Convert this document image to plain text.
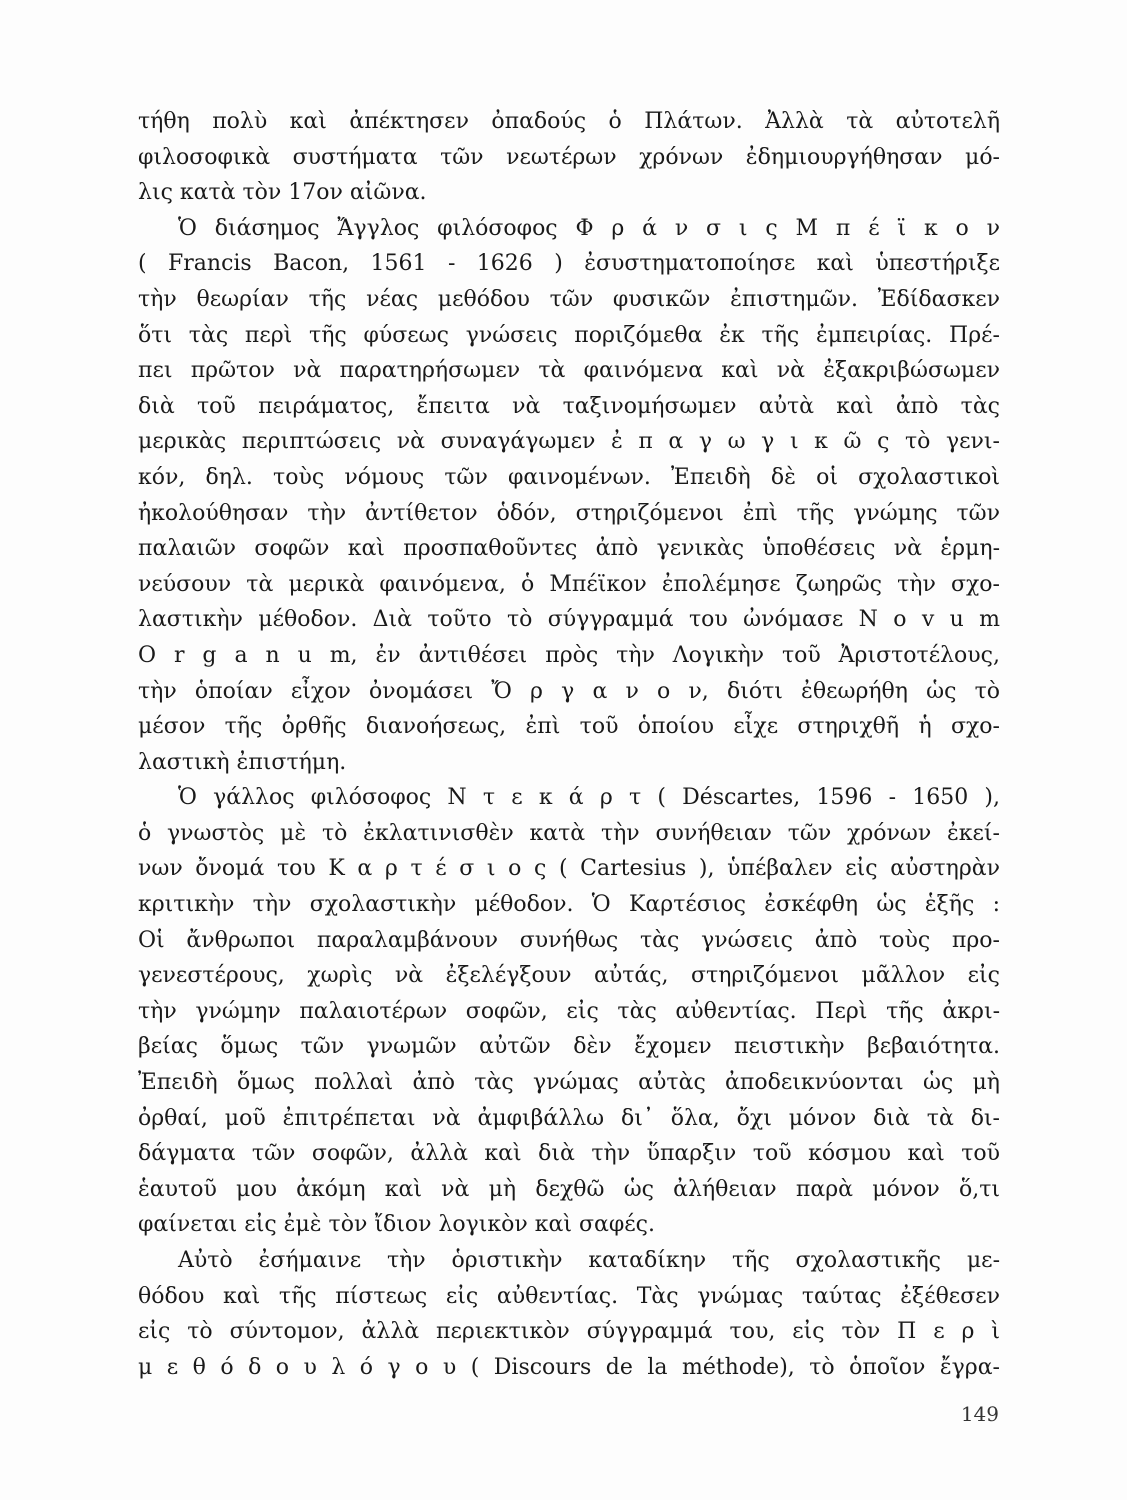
τήθη πολὺ καὶ ἀπέκτησεν ὀπαδούς ὁ Πλάτων. Ἀλλὰ τὰ αὐτοτελῆ
φιλοσοφικὰ συστήματα τῶν νεωτέρων χρόνων ἐδημιουργήθησαν μό-
λις κατὰ τὸν 17ον αἰῶνα.
Ὁ διάσημος Ἄγγλος φιλόσοφος Φ ρ ά ν σ ι ς Μ π έ ϊ κ ο ν
( Francis Bacon, 1561 - 1626 ) ἐσυστηματοποίησε καὶ ὑπεστήριξε
τὴν θεωρίαν τῆς νέας μεθόδου τῶν φυσικῶν ἐπιστημῶν. Ἐδίδασκεν
ὅτι τὰς περὶ τῆς φύσεως γνώσεις ποριζόμεθα ἐκ τῆς ἐμπειρίας. Πρέ-
πει πρῶτον νὰ παρατηρήσωμεν τὰ φαινόμενα καὶ νὰ ἐξακριβώσωμεν
διὰ τοῦ πειράματος, ἔπειτα νὰ ταξινομήσωμεν αὐτὰ καὶ ἀπὸ τὰς
μερικὰς περιπτώσεις νὰ συναγάγωμεν ἐ π α γ ω γ ι κ ῶ ς τὸ γενι-
κόν, δηλ. τοὺς νόμους τῶν φαινομένων. Ἐπειδὴ δὲ οἱ σχολαστικοὶ
ἠκολούθησαν τὴν ἀντίθετον ὁδόν, στηριζόμενοι ἐπὶ τῆς γνώμης τῶν
παλαιῶν σοφῶν καὶ προσπαθοῦντες ἀπὸ γενικὰς ὑποθέσεις νὰ ἑρμη-
νεύσουν τὰ μερικὰ φαινόμενα, ὁ Μπέϊκον ἐπολέμησε ζωηρῶς τὴν σχο-
λαστικὴν μέθοδον. Διὰ τοῦτο τὸ σύγγραμμά του ὠνόμασε N o v u m
O r g a n u m, ἐν ἀντιθέσει πρὸς τὴν Λογικὴν τοῦ Ἀριστοτέλους,
τὴν ὁποίαν εἶχον ὀνομάσει Ὄ ρ γ α ν ο ν, διότι ἐθεωρήθη ὡς τὸ
μέσον τῆς ὀρθῆς διανοήσεως, ἐπὶ τοῦ ὁποίου εἶχε στηριχθῆ ἡ σχο-
λαστικὴ ἐπιστήμη.
Ὁ γάλλος φιλόσοφος Ν τ ε κ ά ρ τ ( Déscartes, 1596 - 1650 ),
ὁ γνωστὸς μὲ τὸ ἐκλατινισθὲν κατὰ τὴν συνήθειαν τῶν χρόνων ἐκεί-
νων ὄνομά του Κ α ρ τ έ σ ι ο ς ( Cartesius ), ὑπέβαλεν εἰς αὐστηρὰν
κριτικὴν τὴν σχολαστικὴν μέθοδον. Ὁ Καρτέσιος ἐσκέφθη ὡς ἑξῆς :
Οἱ ἄνθρωποι παραλαμβάνουν συνήθως τὰς γνώσεις ἀπὸ τοὺς προ-
γενεστέρους, χωρὶς νὰ ἐξελέγξουν αὐτάς, στηριζόμενοι μᾶλλον εἰς
τὴν γνώμην παλαιοτέρων σοφῶν, εἰς τὰς αὐθεντίας. Περὶ τῆς ἀκρι-
βείας ὅμως τῶν γνωμῶν αὐτῶν δὲν ἔχομεν πειστικὴν βεβαιότητα.
Ἐπειδὴ ὅμως πολλαὶ ἀπὸ τὰς γνώμας αὐτὰς ἀποδεικνύονται ὡς μὴ
ὀρθαί, μοῦ ἐπιτρέπεται νὰ ἀμφιβάλλω δι᾽ ὅλα, ὄχι μόνον διὰ τὰ δι-
δάγματα τῶν σοφῶν, ἀλλὰ καὶ διὰ τὴν ὕπαρξιν τοῦ κόσμου καὶ τοῦ
ἑαυτοῦ μου ἀκόμη καὶ νὰ μὴ δεχθῶ ὡς ἀλήθειαν παρὰ μόνον ὅ,τι
φαίνεται εἰς ἐμὲ τὸν ἴδιον λογικὸν καὶ σαφές.
Αὐτὸ ἐσήμαινε τὴν ὁριστικὴν καταδίκην τῆς σχολαστικῆς με-
θόδου καὶ τῆς πίστεως εἰς αὐθεντίας. Τὰς γνώμας ταύτας ἐξέθεσεν
εἰς τὸ σύντομον, ἀλλὰ περιεκτικὸν σύγγραμμά του, εἰς τὸν Π ε ρ ὶ
μ ε θ ό δ ο υ λ ό γ ο υ ( Discours de la méthode), τὸ ὁποῖον ἔγρα-
149
